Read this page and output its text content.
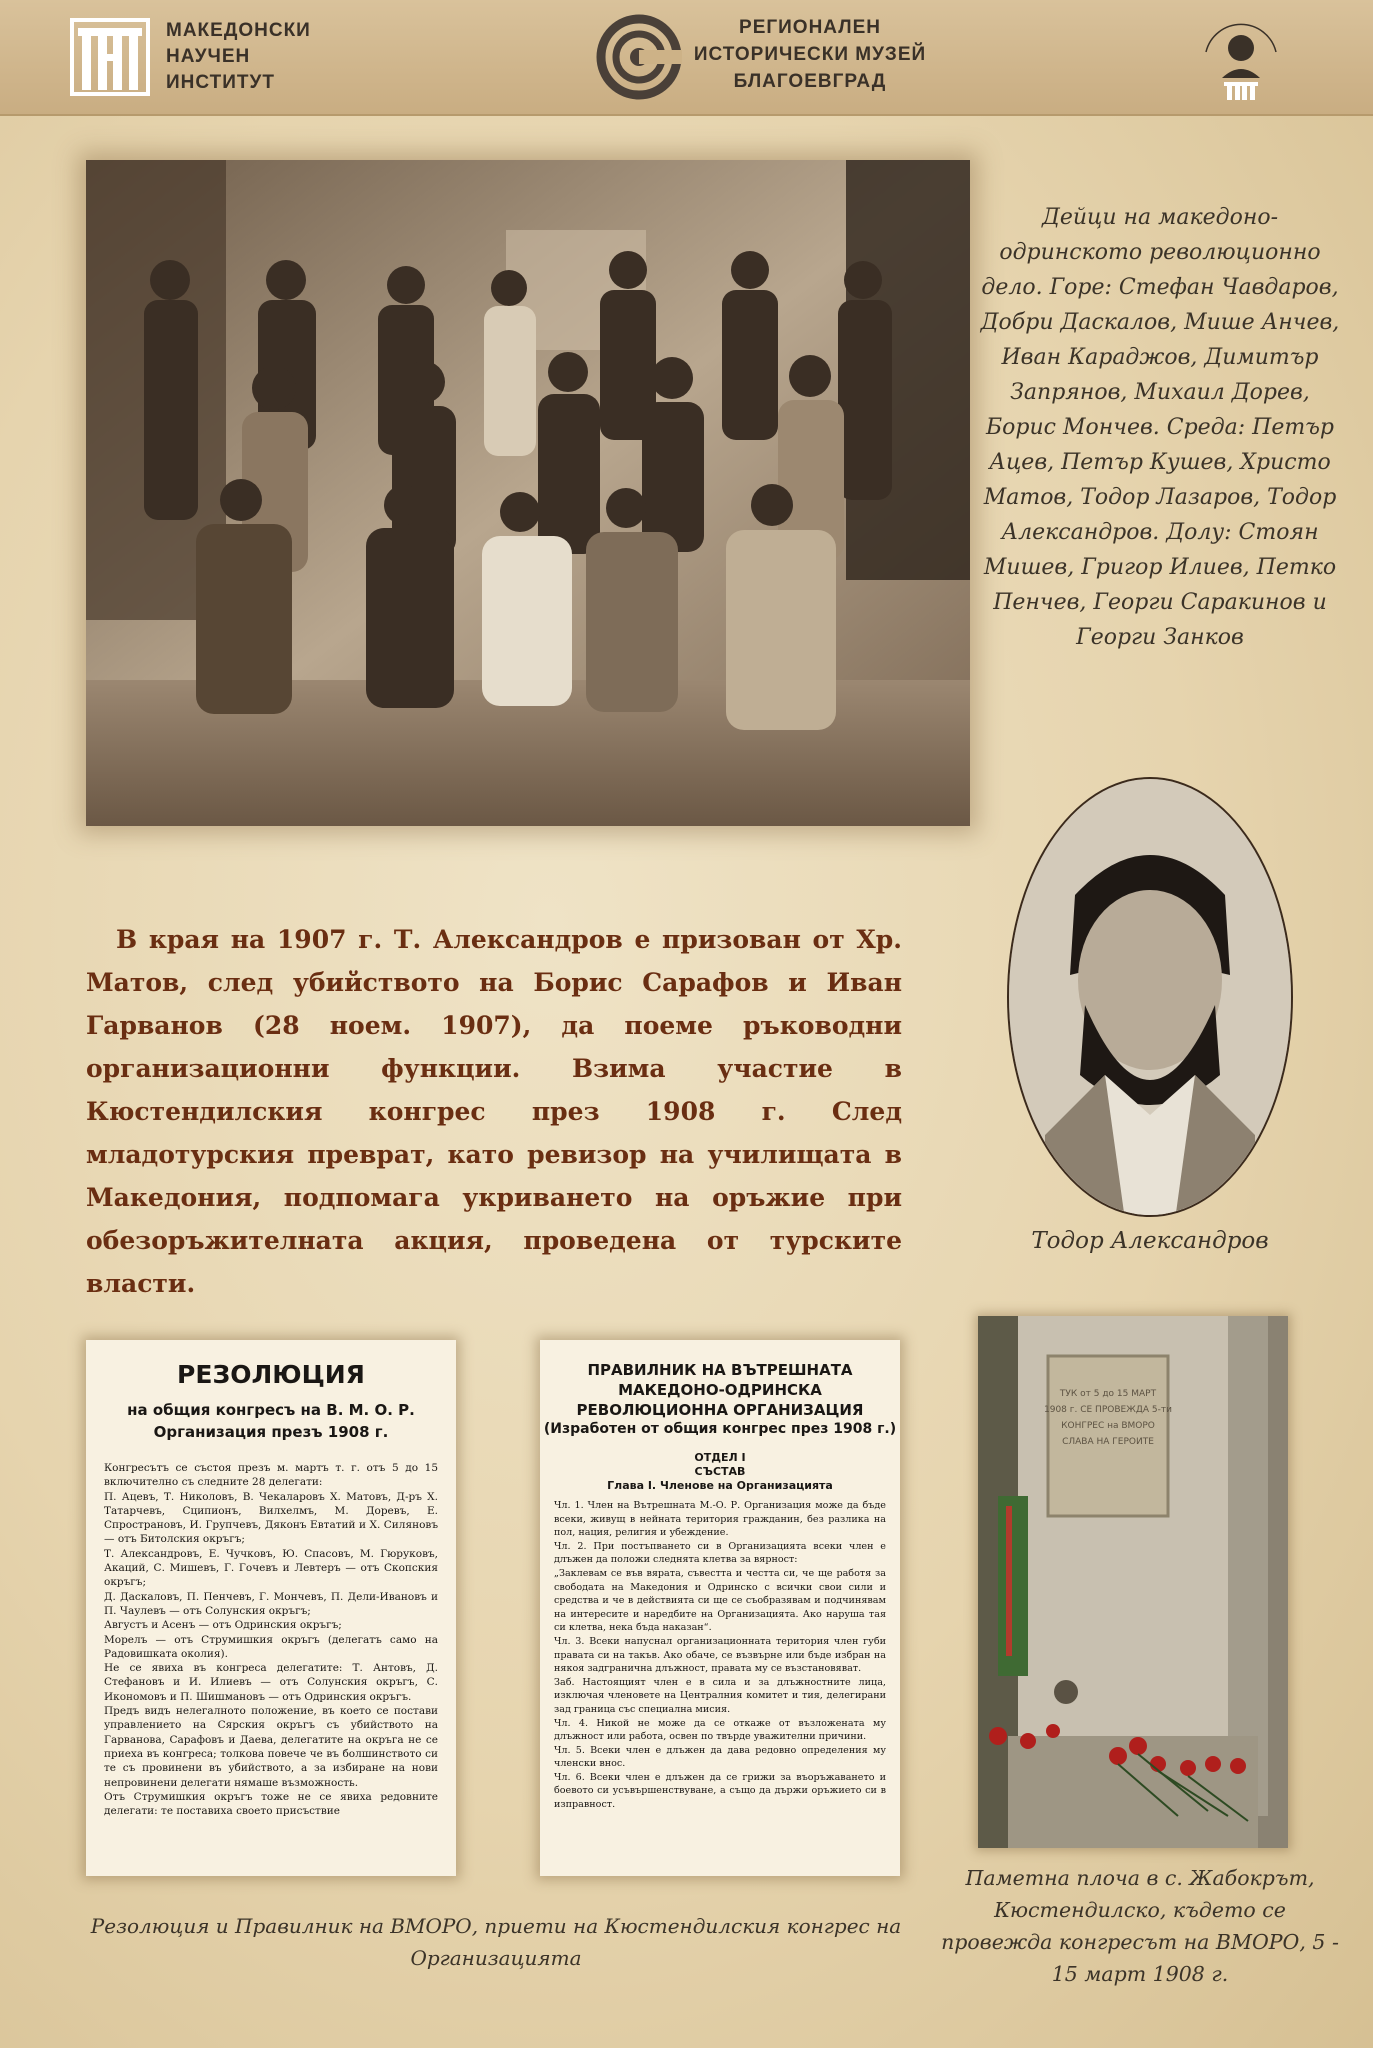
МАКЕДОНСКИ
НАУЧЕН
ИНСТИТУТ
РЕГИОНАЛЕН
ИСТОРИЧЕСКИ МУЗЕЙ
БЛАГОЕВГРАД
Дейци на македоно-одринското революционно дело. Горе: Стефан Чавдаров, Добри Даскалов, Мише Анчев, Иван Караджов, Димитър Запрянов, Михаил Дорев, Борис Мончев. Среда: Петър Ацев, Петър Кушев, Христо Матов, Тодор Лазаров, Тодор Александров. Долу: Стоян Мишев, Григор Илиев, Петко Пенчев, Георги Саракинов и Георги Занков
Тодор Александров
В края на 1907 г. Т. Александров е призован от Хр. Матов, след убийството на Борис Сарафов и Иван Гарванов (28 ноем. 1907), да поеме ръководни организационни функции. Взима участие в Кюстендилския конгрес през 1908 г. След младотурския преврат, като ревизор на училищата в Македония, подпомага укриването на оръжие при обезоръжителната акция, проведена от турските власти.
РЕЗОЛЮЦИЯ
на общия конгресъ на В. М. О. Р. Организация презъ 1908 г.
Конгресътъ се състоя презъ м. мартъ т. г. отъ 5 до 15 включително съ следните 28 делегати:
П. Ацевъ, Т. Николовъ, В. Чекаларовъ Х. Матовъ, Д-ръ Х. Татарчевъ, Сципионъ, Вилхелмъ, М. Доревъ, Е. Спространовъ, И. Групчевъ, Дяконъ Евтатий и Х. Силяновъ — отъ Битолския окръгъ;
Т. Александровъ, Е. Чучковъ, Ю. Спасовъ, М. Гюруковъ, Акаций, С. Мишевъ, Г. Гочевъ и Левтеръ — отъ Скопския окръгъ;
Д. Даскаловъ, П. Пенчевъ, Г. Мончевъ, П. Дели-Ивановъ и П. Чаулевъ — отъ Солунския окръгъ;
Августъ и Асенъ — отъ Одринския окръгъ;
Морелъ — отъ Струмишкия окръгъ (делегатъ само на Радовишката околия).
Не се явиха въ конгреса делегатите: Т. Антовъ, Д. Стефановъ и И. Илиевъ — отъ Солунския окръгъ, С. Икономовъ и П. Шишмановъ — отъ Одринския окръгъ.
Предъ видъ нелегалното положение, въ което се постави управлението на Сярския окръгъ съ убийството на Гарванова, Сарафовъ и Даева, делегатите на окръга не се приеха въ конгреса; толкова повече че въ болшинството си те съ провинени въ убийството, а за избиране на нови непровинени делегати нямаше възможность.
Отъ Струмишкия окръгъ тоже не се явиха редовните делегати: те поставиха своето присъствие
ПРАВИЛНИК НА ВЪТРЕШНАТА МАКЕДОНО-ОДРИНСКА РЕВОЛЮЦИОННА ОРГАНИЗАЦИЯ
(Изработен от общия конгрес през 1908 г.)
ОТДЕЛ I
СЪСТАВ
Глава I. Членове на Организацията
Чл. 1. Член на Вътрешната М.-О. Р. Организация може да бъде всеки, живущ в нейната територия гражданин, без разлика на пол, нация, религия и убеждение.
Чл. 2. При постъпването си в Организацията всеки член е длъжен да положи следнята клетва за вярност:
„Заклевам се във вярата, съвестта и честта си, че ще работя за свободата на Македония и Одринско с всички свои сили и средства и че в действията си ще се съобразявам и подчинявам на интересите и наредбите на Организацията. Ако наруша тая си клетва, нека бъда наказан“.
Чл. 3. Всеки напуснал организационната територия член губи правата си на такъв. Ако обаче, се възвърне или бъде избран на някоя задгранична длъжност, правата му се възстановяват.
Заб. Настоящият член е в сила и за длъжностните лица, изключая членовете на Централния комитет и тия, делегирани зад граница със специална мисия.
Чл. 4. Никой не може да се откаже от възложената му длъжност или работа, освен по твърде уважителни причини.
Чл. 5. Всеки член е длъжен да дава редовно определения му членски внос.
Чл. 6. Всеки член е длъжен да се грижи за въоръжаването и боевото си усъвършенствуване, а също да държи оръжието си в изправност.
Резолюция и Правилник на ВМОРО, приети на Кюстендилския конгрес на Организацията
ТУК от 5 до 15 МАРТ
1908 г. СЕ ПРОВЕЖДА 5-ти
КОНГРЕС на ВМОРО
СЛАВА НА ГЕРОИТЕ
Паметна плоча в с. Жабокрът, Кюстендилско, където се провежда конгресът на ВМОРО, 5 - 15 март 1908 г.
